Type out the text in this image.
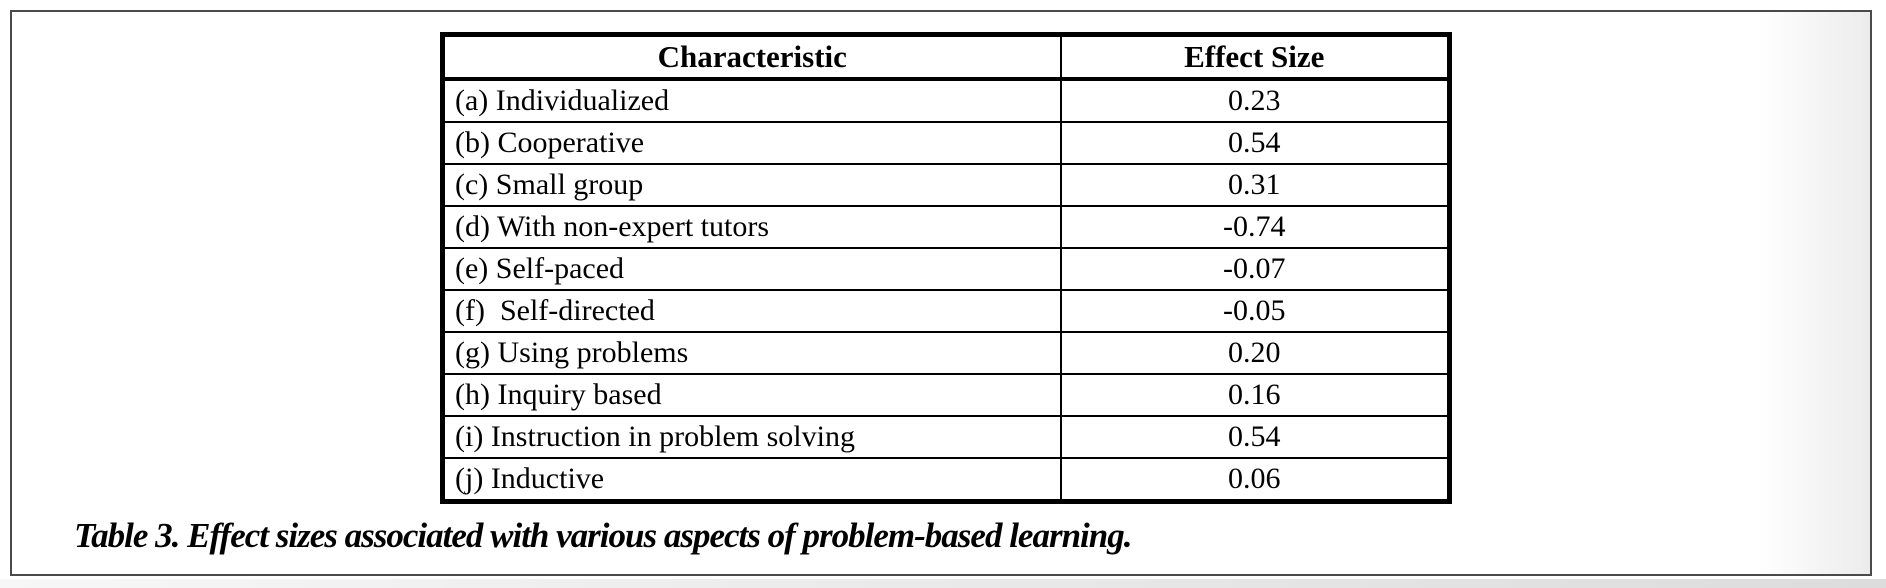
Characteristic	Effect Size
(a) Individualized	0.23
(b) Cooperative	0.54
(c) Small group	0.31
(d) With non-expert tutors	-0.74
(e) Self-paced	-0.07
(f)  Self-directed	-0.05
(g) Using problems	0.20
(h) Inquiry based	0.16
(i) Instruction in problem solving	0.54
(j) Inductive	0.06
Table 3. Effect sizes associated with various aspects of problem-based learning.
